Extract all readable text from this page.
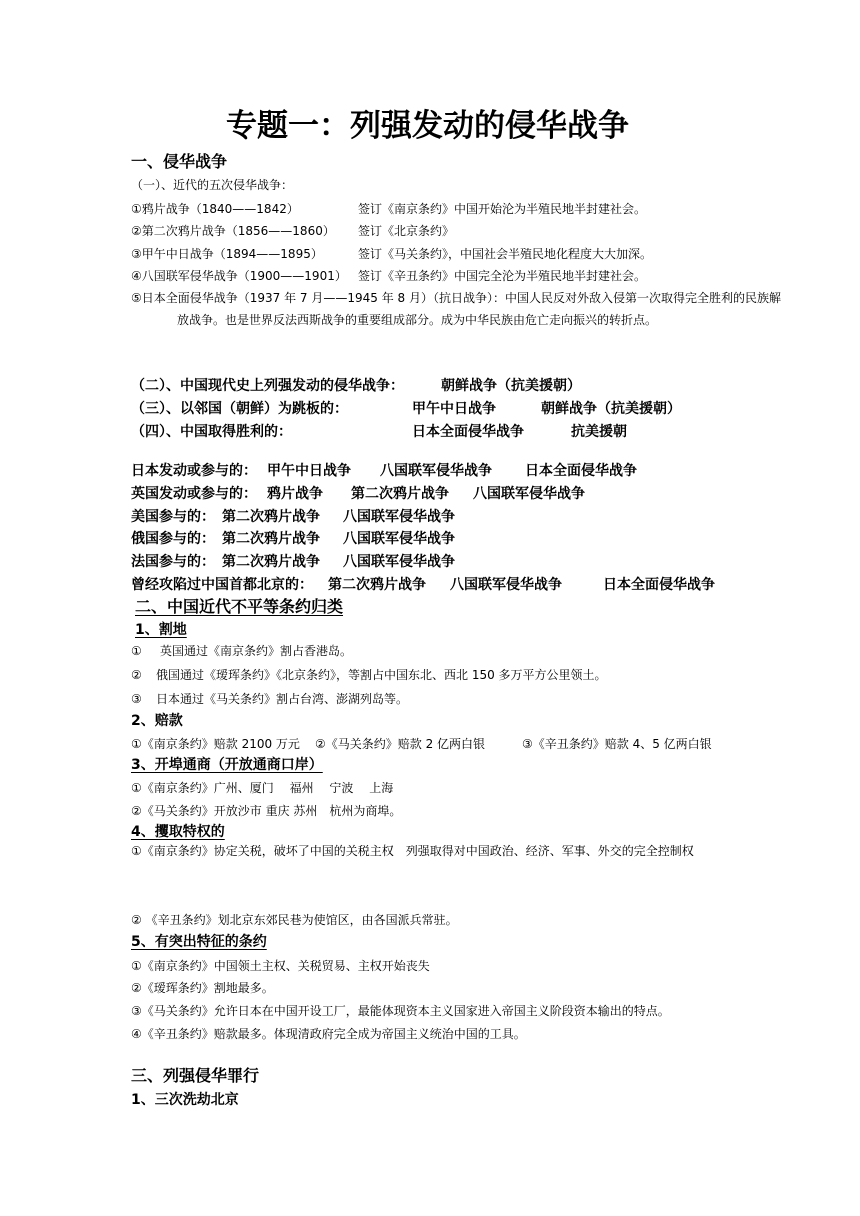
专题一：列强发动的侵华战争
一、侵华战争
（一）、近代的五次侵华战争：
①鸦片战争（1840——1842）	签订《南京条约》中国开始沦为半殖民地半封建社会。
②第二次鸦片战争（1856——1860） 签订《北京条约》
③甲午中日战争（1894——1895）	签订《马关条约》，中国社会半殖民地化程度大大加深。
④八国联军侵华战争（1900——1901） 签订《辛丑条约》中国完全沦为半殖民地半封建社会。
⑤日本全面侵华战争（1937 年 7 月——1945 年 8 月）（抗日战争）：中国人民反对外敌入侵第一次取得完全胜利的民族解放战争。也是世界反法西斯战争的重要组成部分。成为中华民族由危亡走向振兴的转折点。
（二）、中国现代史上列强发动的侵华战争：	朝鲜战争（抗美援朝）
（三）、以邻国（朝鲜）为跳板的：	甲午中日战争	朝鲜战争（抗美援朝）
（四）、中国取得胜利的：	日本全面侵华战争	抗美援朝
日本发动或参与的： 甲午中日战争 八国联军侵华战争 日本全面侵华战争
英国发动或参与的： 鸦片战争 第二次鸦片战争 八国联军侵华战争
美国参与的： 第二次鸦片战争 八国联军侵华战争
俄国参与的： 第二次鸦片战争 八国联军侵华战争
法国参与的： 第二次鸦片战争 八国联军侵华战争
曾经攻陷过中国首都北京的： 第二次鸦片战争 八国联军侵华战争	日本全面侵华战争
二、中国近代不平等条约归类
1、割地
① 英国通过《南京条约》割占香港岛。
② 俄国通过《瑷珲条约》《北京条约》，等割占中国东北、西北 150 多万平方公里领土。
③ 日本通过《马关条约》割占台湾、澎湖列岛等。
2、赔款
①《南京条约》赔款 2100 万元 ②《马关条约》赔款 2 亿两白银	③《辛丑条约》赔款 4、5 亿两白银
3、开埠通商（开放通商口岸）
①《南京条约》广州、厦门　 福州　 宁波　 上海
②《马关条约》开放沙市 重庆 苏州　杭州为商埠。
4、攫取特权的
①《南京条约》协定关税，破坏了中国的关税主权　列强取得对中国政治、经济、军事、外交的完全控制权
② 《辛丑条约》划北京东郊民巷为使馆区，由各国派兵常驻。
5、有突出特征的条约
①《南京条约》中国领土主权、关税贸易、主权开始丧失
②《瑷珲条约》割地最多。
③《马关条约》允许日本在中国开设工厂，最能体现资本主义国家进入帝国主义阶段资本输出的特点。
④《辛丑条约》赔款最多。体现清政府完全成为帝国主义统治中国的工具。
三、列强侵华罪行
1、三次洗劫北京
